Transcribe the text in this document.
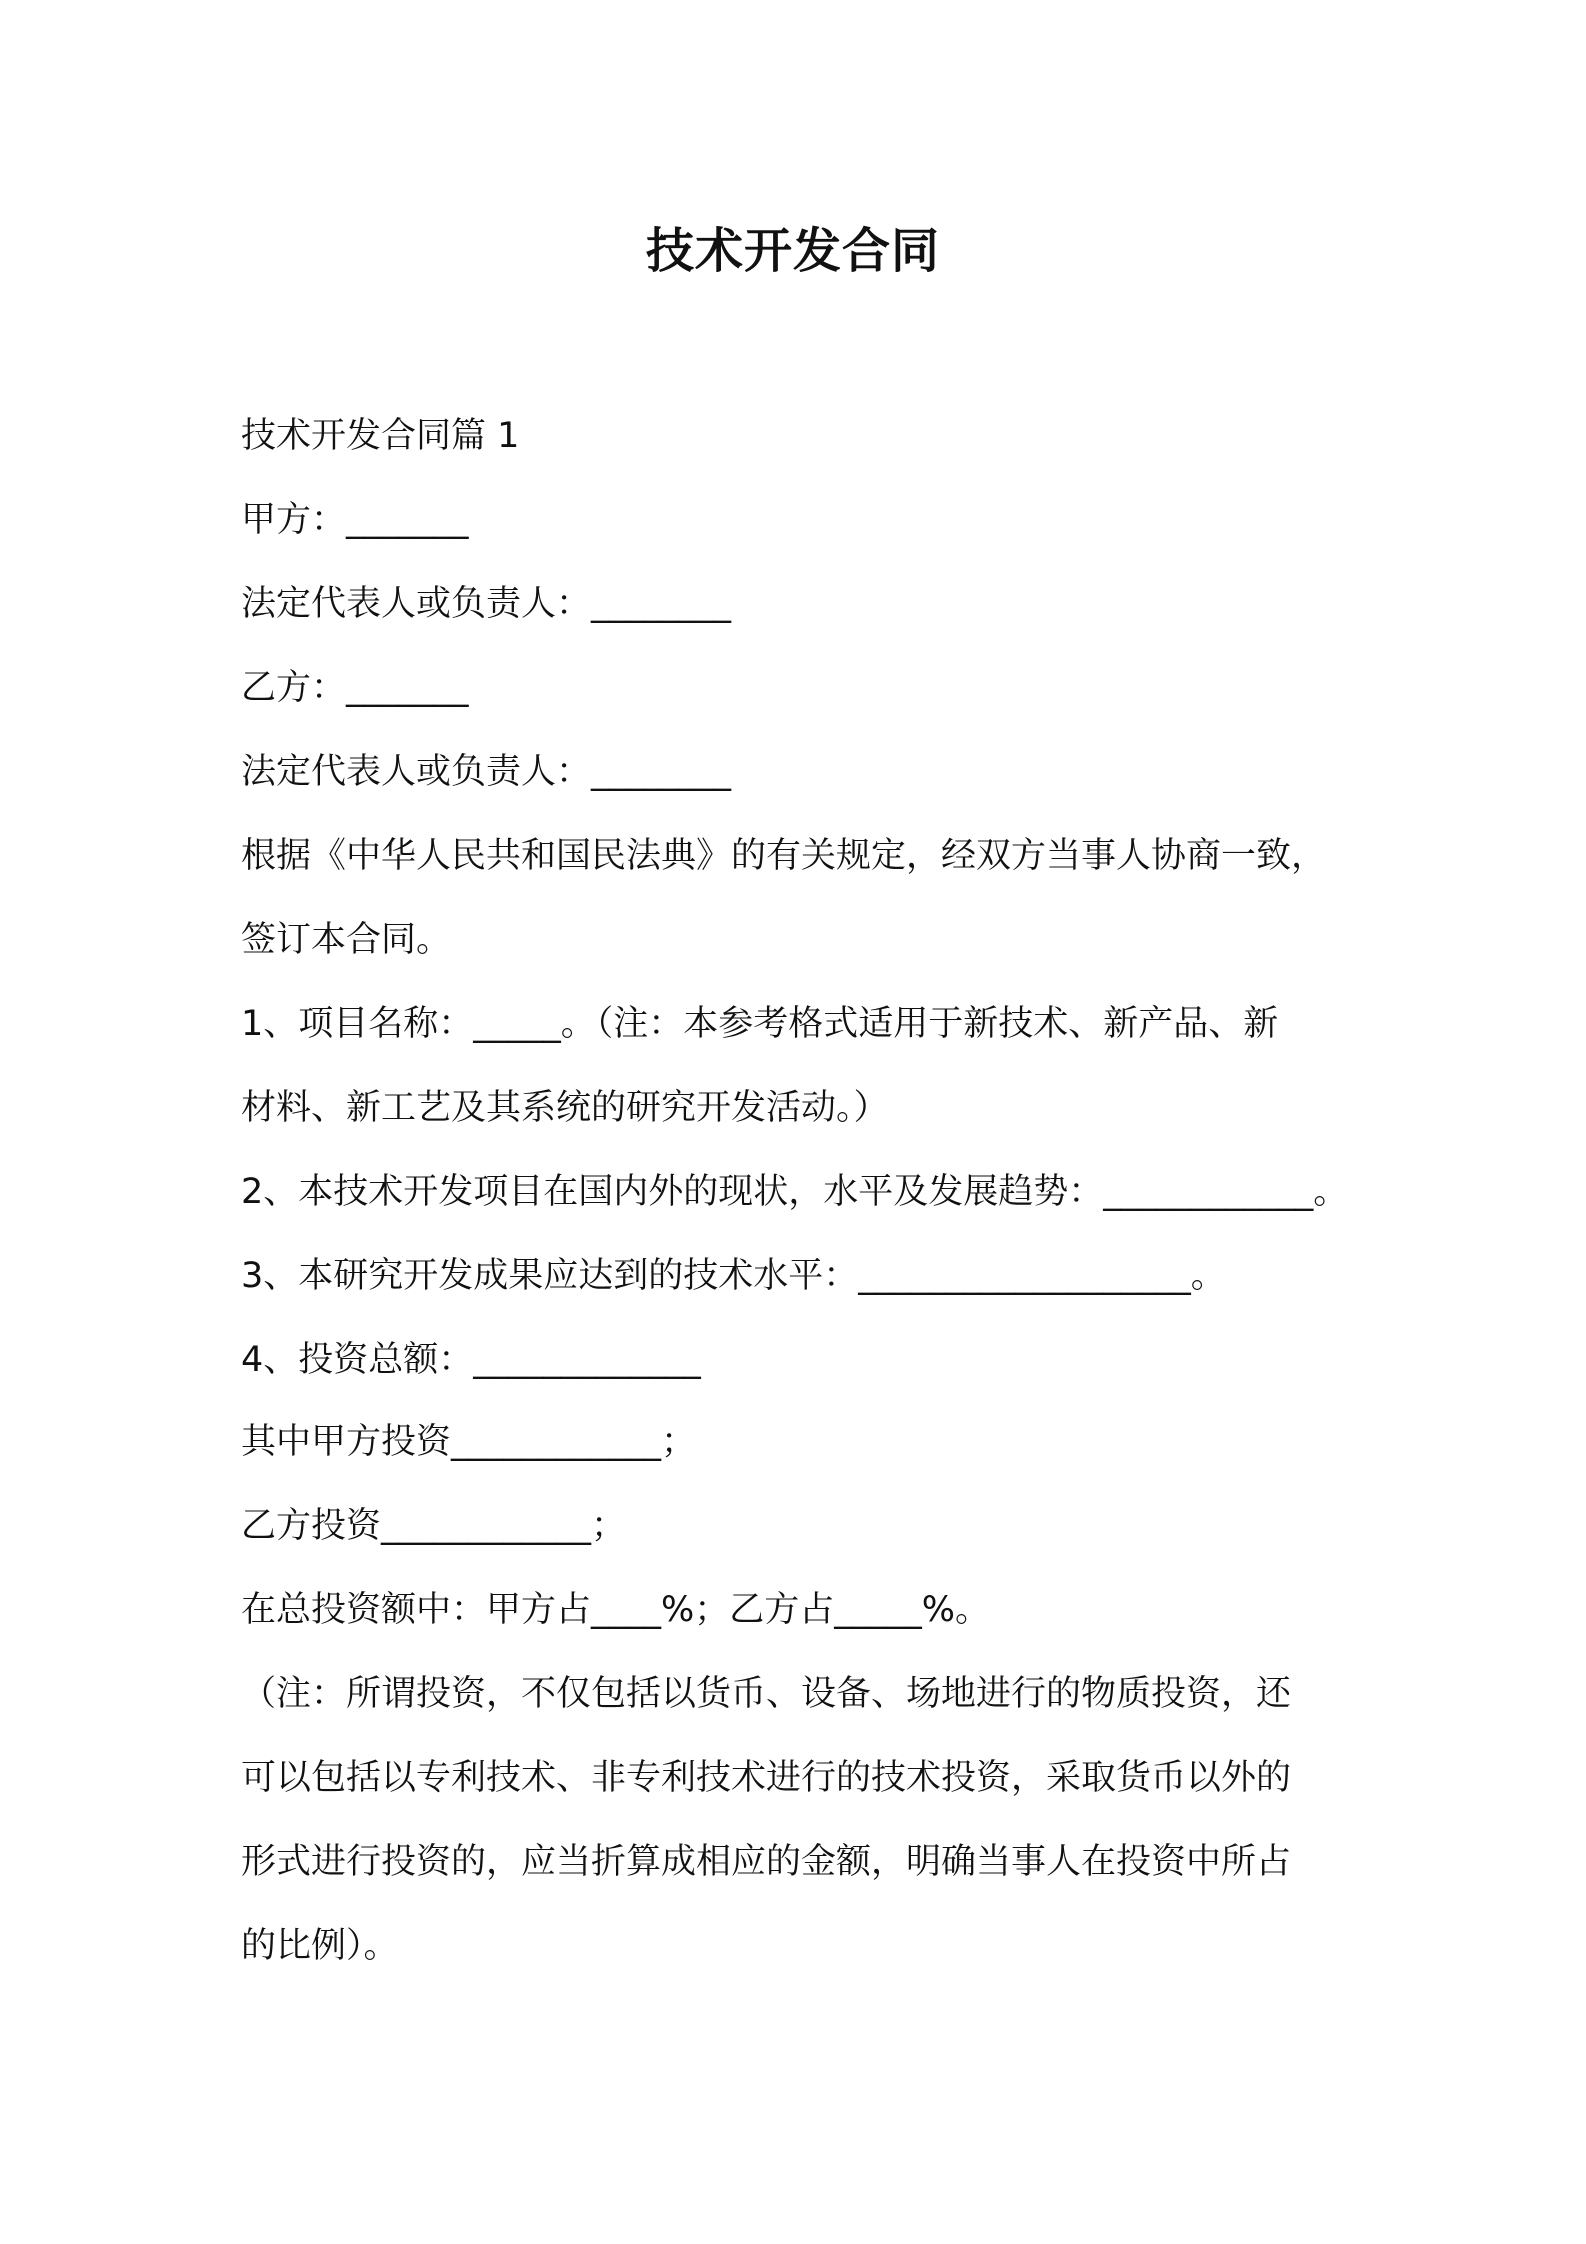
技术开发合同
技术开发合同篇 1
甲方：_______
法定代表人或负责人：________
乙方：_______
法定代表人或负责人：________
根据《中华人民共和国民法典》的有关规定，经双方当事人协商一致，
签订本合同。
1、项目名称：_____。（注：本参考格式适用于新技术、新产品、新
材料、新工艺及其系统的研究开发活动。）
2、本技术开发项目在国内外的现状，水平及发展趋势：____________。
3、本研究开发成果应达到的技术水平：___________________。
4、投资总额：_____________
其中甲方投资____________；
乙方投资____________；
在总投资额中：甲方占____%；乙方占_____%。
（注：所谓投资，不仅包括以货币、设备、场地进行的物质投资，还
可以包括以专利技术、非专利技术进行的技术投资，采取货币以外的
形式进行投资的，应当折算成相应的金额，明确当事人在投资中所占
的比例）。
